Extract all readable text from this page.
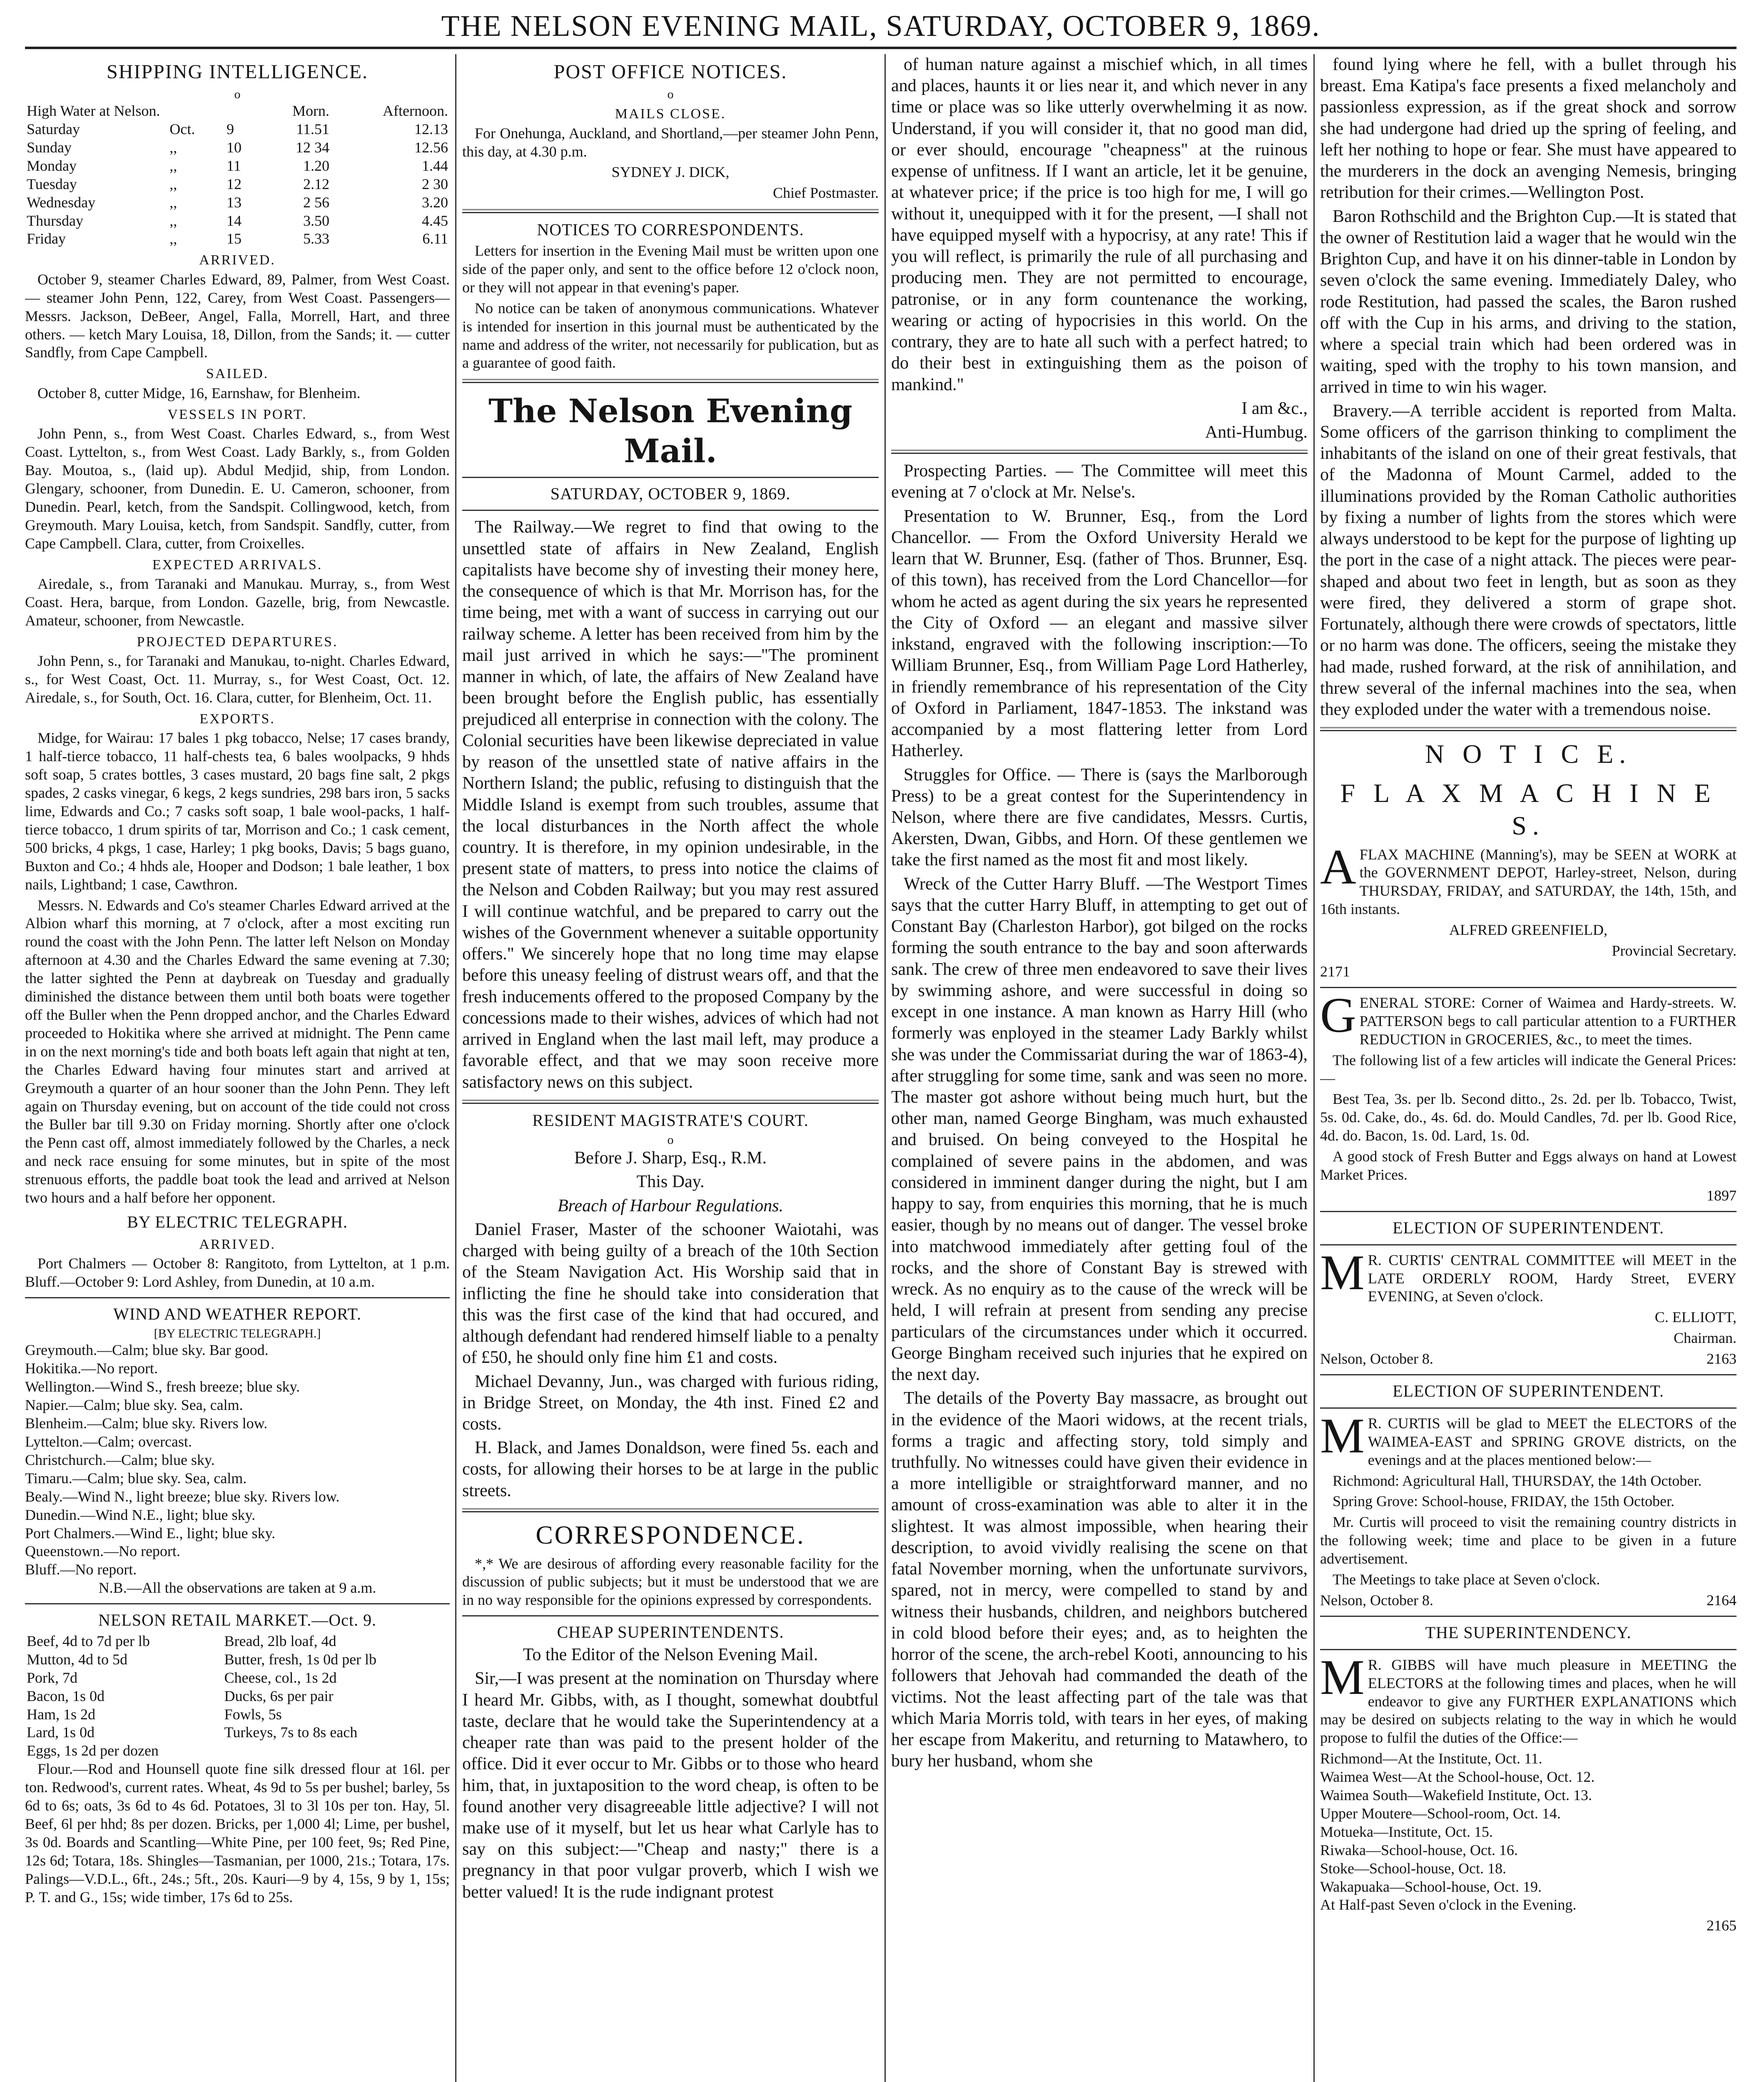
THE NELSON EVENING MAIL, SATURDAY, OCTOBER 9, 1869.
SHIPPING INTELLIGENCE.
o
High Water at Nelson.			Morn.	Afternoon.
Saturday	Oct.	9	11.51	12.13
Sunday	,,	10	12 34	12.56
Monday	,,	11	1.20	1.44
Tuesday	,,	12	2.12	2 30
Wednesday	,,	13	2 56	3.20
Thursday	,,	14	3.50	4.45
Friday	,,	15	5.33	6.11
ARRIVED.

October 9, steamer Charles Edward, 89, Palmer, from West Coast. — steamer John Penn, 122, Carey, from West Coast. Passengers—Messrs. Jackson, DeBeer, Angel, Falla, Morrell, Hart, and three others. — ketch Mary Louisa, 18, Dillon, from the Sands; it. — cutter Sandfly, from Cape Campbell.

SAILED.

October 8, cutter Midge, 16, Earnshaw, for Blenheim.

VESSELS IN PORT.

John Penn, s., from West Coast. Charles Edward, s., from West Coast. Lyttelton, s., from West Coast. Lady Barkly, s., from Golden Bay. Moutoa, s., (laid up). Abdul Medjid, ship, from London. Glengary, schooner, from Dunedin. E. U. Cameron, schooner, from Dunedin. Pearl, ketch, from the Sandspit. Collingwood, ketch, from Greymouth. Mary Louisa, ketch, from Sandspit. Sandfly, cutter, from Cape Campbell. Clara, cutter, from Croixelles.

EXPECTED ARRIVALS.

Airedale, s., from Taranaki and Manukau. Murray, s., from West Coast. Hera, barque, from London. Gazelle, brig, from Newcastle. Amateur, schooner, from Newcastle.

PROJECTED DEPARTURES.

John Penn, s., for Taranaki and Manukau, to-night. Charles Edward, s., for West Coast, Oct. 11. Murray, s., for West Coast, Oct. 12. Airedale, s., for South, Oct. 16. Clara, cutter, for Blenheim, Oct. 11.

EXPORTS.

Midge, for Wairau: 17 bales 1 pkg tobacco, Nelse; 17 cases brandy, 1 half-tierce tobacco, 11 half-chests tea, 6 bales woolpacks, 9 hhds soft soap, 5 crates bottles, 3 cases mustard, 20 bags fine salt, 2 pkgs spades, 2 casks vinegar, 6 kegs, 2 kegs sundries, 298 bars iron, 5 sacks lime, Edwards and Co.; 7 casks soft soap, 1 bale wool-packs, 1 half-tierce tobacco, 1 drum spirits of tar, Morrison and Co.; 1 cask cement, 500 bricks, 4 pkgs, 1 case, Harley; 1 pkg books, Davis; 5 bags guano, Buxton and Co.; 4 hhds ale, Hooper and Dodson; 1 bale leather, 1 box nails, Lightband; 1 case, Cawthron.

Messrs. N. Edwards and Co's steamer Charles Edward arrived at the Albion wharf this morning, at 7 o'clock, after a most exciting run round the coast with the John Penn. The latter left Nelson on Monday afternoon at 4.30 and the Charles Edward the same evening at 7.30; the latter sighted the Penn at daybreak on Tuesday and gradually diminished the distance between them until both boats were together off the Buller when the Penn dropped anchor, and the Charles Edward proceeded to Hokitika where she arrived at midnight. The Penn came in on the next morning's tide and both boats left again that night at ten, the Charles Edward having four minutes start and arrived at Greymouth a quarter of an hour sooner than the John Penn. They left again on Thursday evening, but on account of the tide could not cross the Buller bar till 9.30 on Friday morning. Shortly after one o'clock the Penn cast off, almost immediately followed by the Charles, a neck and neck race ensuing for some minutes, but in spite of the most strenuous efforts, the paddle boat took the lead and arrived at Nelson two hours and a half before her opponent.

BY ELECTRIC TELEGRAPH.
ARRIVED.

Port Chalmers — October 8: Rangitoto, from Lyttelton, at 1 p.m. Bluff.—October 9: Lord Ashley, from Dunedin, at 10 a.m.

WIND AND WEATHER REPORT.
[BY ELECTRIC TELEGRAPH.]
Greymouth.—Calm; blue sky. Bar good.
Hokitika.—No report.
Wellington.—Wind S., fresh breeze; blue sky.
Napier.—Calm; blue sky. Sea, calm.
Blenheim.—Calm; blue sky. Rivers low.
Lyttelton.—Calm; overcast.
Christchurch.—Calm; blue sky.
Timaru.—Calm; blue sky. Sea, calm.
Bealy.—Wind N., light breeze; blue sky. Rivers low.
Dunedin.—Wind N.E., light; blue sky.
Port Chalmers.—Wind E., light; blue sky.
Queenstown.—No report.
Bluff.—No report.
N.B.—All the observations are taken at 9 a.m.
NELSON RETAIL MARKET.—Oct. 9.
Beef, 4d to 7d per lb	Bread, 2lb loaf, 4d
Mutton, 4d to 5d	Butter, fresh, 1s 0d per lb
Pork, 7d	Cheese, col., 1s 2d
Bacon, 1s 0d	Ducks, 6s per pair
Ham, 1s 2d	Fowls, 5s
Lard, 1s 0d	Turkeys, 7s to 8s each
Eggs, 1s 2d per dozen	

Flour.—Rod and Hounsell quote fine silk dressed flour at 16l. per ton. Redwood's, current rates. Wheat, 4s 9d to 5s per bushel; barley, 5s 6d to 6s; oats, 3s 6d to 4s 6d. Potatoes, 3l to 3l 10s per ton. Hay, 5l. Beef, 6l per hhd; 8s per dozen. Bricks, per 1,000 4l; Lime, per bushel, 3s 0d. Boards and Scantling—White Pine, per 100 feet, 9s; Red Pine, 12s 6d; Totara, 18s. Shingles—Tasmanian, per 1000, 21s.; Totara, 17s. Palings—V.D.L., 6ft., 24s.; 5ft., 20s. Kauri—9 by 4, 15s, 9 by 1, 15s; P. T. and G., 15s; wide timber, 17s 6d to 25s.

POST OFFICE NOTICES.
o
MAILS CLOSE.

For Onehunga, Auckland, and Shortland,—per steamer John Penn, this day, at 4.30 p.m.

SYDNEY J. DICK,

Chief Postmaster.

NOTICES TO CORRESPONDENTS.

Letters for insertion in the Evening Mail must be written upon one side of the paper only, and sent to the office before 12 o'clock noon, or they will not appear in that evening's paper.

No notice can be taken of anonymous communications. Whatever is intended for insertion in this journal must be authenticated by the name and address of the writer, not necessarily for publication, but as a guarantee of good faith.

The Nelson Evening Mail.
SATURDAY, OCTOBER 9, 1869.

The Railway.—We regret to find that owing to the unsettled state of affairs in New Zealand, English capitalists have become shy of investing their money here, the consequence of which is that Mr. Morrison has, for the time being, met with a want of success in carrying out our railway scheme. A letter has been received from him by the mail just arrived in which he says:—"The prominent manner in which, of late, the affairs of New Zealand have been brought before the English public, has essentially prejudiced all enterprise in connection with the colony. The Colonial securities have been likewise depreciated in value by reason of the unsettled state of native affairs in the Northern Island; the public, refusing to distinguish that the Middle Island is exempt from such troubles, assume that the local disturbances in the North affect the whole country. It is therefore, in my opinion undesirable, in the present state of matters, to press into notice the claims of the Nelson and Cobden Railway; but you may rest assured I will continue watchful, and be prepared to carry out the wishes of the Government whenever a suitable opportunity offers." We sincerely hope that no long time may elapse before this uneasy feeling of distrust wears off, and that the fresh inducements offered to the proposed Company by the concessions made to their wishes, advices of which had not arrived in England when the last mail left, may produce a favorable effect, and that we may soon receive more satisfactory news on this subject.

RESIDENT MAGISTRATE'S COURT.
o

Before J. Sharp, Esq., R.M.

This Day.

Breach of Harbour Regulations.

Daniel Fraser, Master of the schooner Waiotahi, was charged with being guilty of a breach of the 10th Section of the Steam Navigation Act. His Worship said that in inflicting the fine he should take into consideration that this was the first case of the kind that had occured, and although defendant had rendered himself liable to a penalty of £50, he should only fine him £1 and costs.

Michael Devanny, Jun., was charged with furious riding, in Bridge Street, on Monday, the 4th inst. Fined £2 and costs.

H. Black, and James Donaldson, were fined 5s. each and costs, for allowing their horses to be at large in the public streets.

CORRESPONDENCE.

*,* We are desirous of affording every reasonable facility for the discussion of public subjects; but it must be understood that we are in no way responsible for the opinions expressed by correspondents.

CHEAP SUPERINTENDENTS.

To the Editor of the Nelson Evening Mail.

Sir,—I was present at the nomination on Thursday where I heard Mr. Gibbs, with, as I thought, somewhat doubtful taste, declare that he would take the Superintendency at a cheaper rate than was paid to the present holder of the office. Did it ever occur to Mr. Gibbs or to those who heard him, that, in juxtaposition to the word cheap, is often to be found another very disagreeable little adjective? I will not make use of it myself, but let us hear what Carlyle has to say on this subject:—"Cheap and nasty;" there is a pregnancy in that poor vulgar proverb, which I wish we better valued! It is the rude indignant protest

of human nature against a mischief which, in all times and places, haunts it or lies near it, and which never in any time or place was so like utterly overwhelming it as now. Understand, if you will consider it, that no good man did, or ever should, encourage "cheapness" at the ruinous expense of unfitness. If I want an article, let it be genuine, at whatever price; if the price is too high for me, I will go without it, unequipped with it for the present, —I shall not have equipped myself with a hypocrisy, at any rate! This if you will reflect, is primarily the rule of all purchasing and producing men. They are not permitted to encourage, patronise, or in any form countenance the working, wearing or acting of hypocrisies in this world. On the contrary, they are to hate all such with a perfect hatred; to do their best in extinguishing them as the poison of mankind."

I am &c.,

Anti-Humbug.

Prospecting Parties. — The Committee will meet this evening at 7 o'clock at Mr. Nelse's.

Presentation to W. Brunner, Esq., from the Lord Chancellor. — From the Oxford University Herald we learn that W. Brunner, Esq. (father of Thos. Brunner, Esq. of this town), has received from the Lord Chancellor—for whom he acted as agent during the six years he represented the City of Oxford — an elegant and massive silver inkstand, engraved with the following inscription:—To William Brunner, Esq., from William Page Lord Hatherley, in friendly remembrance of his representation of the City of Oxford in Parliament, 1847-1853. The inkstand was accompanied by a most flattering letter from Lord Hatherley.

Struggles for Office. — There is (says the Marlborough Press) to be a great contest for the Superintendency in Nelson, where there are five candidates, Messrs. Curtis, Akersten, Dwan, Gibbs, and Horn. Of these gentlemen we take the first named as the most fit and most likely.

Wreck of the Cutter Harry Bluff. —The Westport Times says that the cutter Harry Bluff, in attempting to get out of Constant Bay (Charleston Harbor), got bilged on the rocks forming the south entrance to the bay and soon afterwards sank. The crew of three men endeavored to save their lives by swimming ashore, and were successful in doing so except in one instance. A man known as Harry Hill (who formerly was enployed in the steamer Lady Barkly whilst she was under the Commissariat during the war of 1863-4), after struggling for some time, sank and was seen no more. The master got ashore without being much hurt, but the other man, named George Bingham, was much exhausted and bruised. On being conveyed to the Hospital he complained of severe pains in the abdomen, and was considered in imminent danger during the night, but I am happy to say, from enquiries this morning, that he is much easier, though by no means out of danger. The vessel broke into matchwood immediately after getting foul of the rocks, and the shore of Constant Bay is strewed with wreck. As no enquiry as to the cause of the wreck will be held, I will refrain at present from sending any precise particulars of the circumstances under which it occurred. George Bingham received such injuries that he expired on the next day.

The details of the Poverty Bay massacre, as brought out in the evidence of the Maori widows, at the recent trials, forms a tragic and affecting story, told simply and truthfully. No witnesses could have given their evidence in a more intelligible or straightforward manner, and no amount of cross-examination was able to alter it in the slightest. It was almost impossible, when hearing their description, to avoid vividly realising the scene on that fatal November morning, when the unfortunate survivors, spared, not in mercy, were compelled to stand by and witness their husbands, children, and neighbors butchered in cold blood before their eyes; and, as to heighten the horror of the scene, the arch-rebel Kooti, announcing to his followers that Jehovah had commanded the death of the victims. Not the least affecting part of the tale was that which Maria Morris told, with tears in her eyes, of making her escape from Makeritu, and returning to Matawhero, to bury her husband, whom she

found lying where he fell, with a bullet through his breast. Ema Katipa's face presents a fixed melancholy and passionless expression, as if the great shock and sorrow she had undergone had dried up the spring of feeling, and left her nothing to hope or fear. She must have appeared to the murderers in the dock an avenging Nemesis, bringing retribution for their crimes.—Wellington Post.

Baron Rothschild and the Brighton Cup.—It is stated that the owner of Restitution laid a wager that he would win the Brighton Cup, and have it on his dinner-table in London by seven o'clock the same evening. Immediately Daley, who rode Restitution, had passed the scales, the Baron rushed off with the Cup in his arms, and driving to the station, where a special train which had been ordered was in waiting, sped with the trophy to his town mansion, and arrived in time to win his wager.

Bravery.—A terrible accident is reported from Malta. Some officers of the garrison thinking to compliment the inhabitants of the island on one of their great festivals, that of the Madonna of Mount Carmel, added to the illuminations provided by the Roman Catholic authorities by fixing a number of lights from the stores which were always understood to be kept for the purpose of lighting up the port in the case of a night attack. The pieces were pear-shaped and about two feet in length, but as soon as they were fired, they delivered a storm of grape shot. Fortunately, although there were crowds of spectators, little or no harm was done. The officers, seeing the mistake they had made, rushed forward, at the risk of annihilation, and threw several of the infernal machines into the sea, when they exploded under the water with a tremendous noise.

N O T I C E.
F L A X M A C H I N E S.

AFLAX MACHINE (Manning's), may be SEEN at WORK at the GOVERNMENT DEPOT, Harley-street, Nelson, during THURSDAY, FRIDAY, and SATURDAY, the 14th, 15th, and 16th instants.

ALFRED GREENFIELD,

Provincial Secretary.

2171

GENERAL STORE: Corner of Waimea and Hardy-streets. W. PATTERSON begs to call particular attention to a FURTHER REDUCTION in GROCERIES, &c., to meet the times.

The following list of a few articles will indicate the General Prices:—

Best Tea, 3s. per lb. Second ditto., 2s. 2d. per lb. Tobacco, Twist, 5s. 0d. Cake, do., 4s. 6d. do. Mould Candles, 7d. per lb. Good Rice, 4d. do. Bacon, 1s. 0d. Lard, 1s. 0d.

A good stock of Fresh Butter and Eggs always on hand at Lowest Market Prices.

1897

ELECTION OF SUPERINTENDENT.

MR. CURTIS' CENTRAL COMMITTEE will MEET in the LATE ORDERLY ROOM, Hardy Street, EVERY EVENING, at Seven o'clock.

C. ELLIOTT,

Chairman.

Nelson, October 8.	2163

ELECTION OF SUPERINTENDENT.

MR. CURTIS will be glad to MEET the ELECTORS of the WAIMEA-EAST and SPRING GROVE districts, on the evenings and at the places mentioned below:—

Richmond: Agricultural Hall, THURSDAY, the 14th October.

Spring Grove: School-house, FRIDAY, the 15th October.

Mr. Curtis will proceed to visit the remaining country districts in the following week; time and place to be given in a future advertisement.

The Meetings to take place at Seven o'clock.

Nelson, October 8.	2164

THE SUPERINTENDENCY.

MR. GIBBS will have much pleasure in MEETING the ELECTORS at the following times and places, when he will endeavor to give any FURTHER EXPLANATIONS which may be desired on subjects relating to the way in which he would propose to fulfil the duties of the Office:—

Richmond—At the Institute, Oct. 11.
Waimea West—At the School-house, Oct. 12.
Waimea South—Wakefield Institute, Oct. 13.
Upper Moutere—School-room, Oct. 14.
Motueka—Institute, Oct. 15.
Riwaka—School-house, Oct. 16.
Stoke—School-house, Oct. 18.
Wakapuaka—School-house, Oct. 19.

At Half-past Seven o'clock in the Evening.

2165
